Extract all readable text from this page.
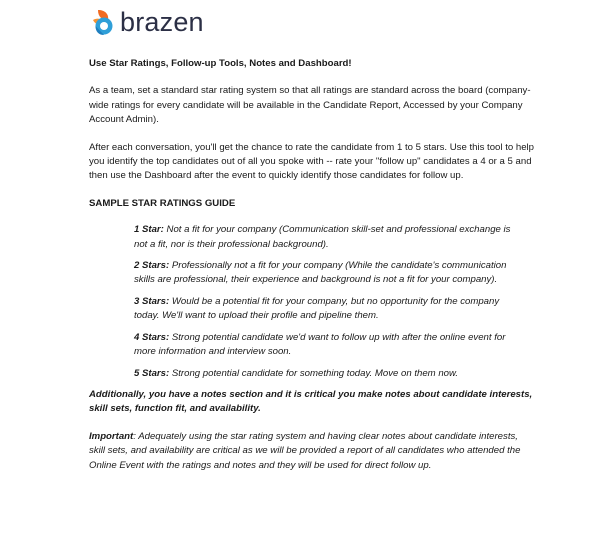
brazen

Use Star Ratings, Follow-up Tools, Notes and Dashboard!

As a team, set a standard star rating system so that all ratings are standard across the board (company-wide ratings for every candidate will be available in the Candidate Report, Accessed by your Company Account Admin).

After each conversation, you'll get the chance to rate the candidate from 1 to 5 stars. Use this tool to help you identify the top candidates out of all you spoke with -- rate your "follow up" candidates a 4 or a 5 and then use the Dashboard after the event to quickly identify those candidates for follow up.

SAMPLE STAR RATINGS GUIDE

1 Star: Not a fit for your company (Communication skill-set and professional exchange is not a fit, nor is their professional background).

2 Stars: Professionally not a fit for your company (While the candidate's communication skills are professional, their experience and background is not a fit for your company).

3 Stars: Would be a potential fit for your company, but no opportunity for the company today. We'll want to upload their profile and pipeline them.

4 Stars: Strong potential candidate we'd want to follow up with after the online event for more information and interview soon.

5 Stars: Strong potential candidate for something today. Move on them now.

Additionally, you have a notes section and it is critical you make notes about candidate interests, skill sets, function fit, and availability.

Important: Adequately using the star rating system and having clear notes about candidate interests, skill sets, and availability are critical as we will be provided a report of all candidates who attended the Online Event with the ratings and notes and they will be used for direct follow up.
